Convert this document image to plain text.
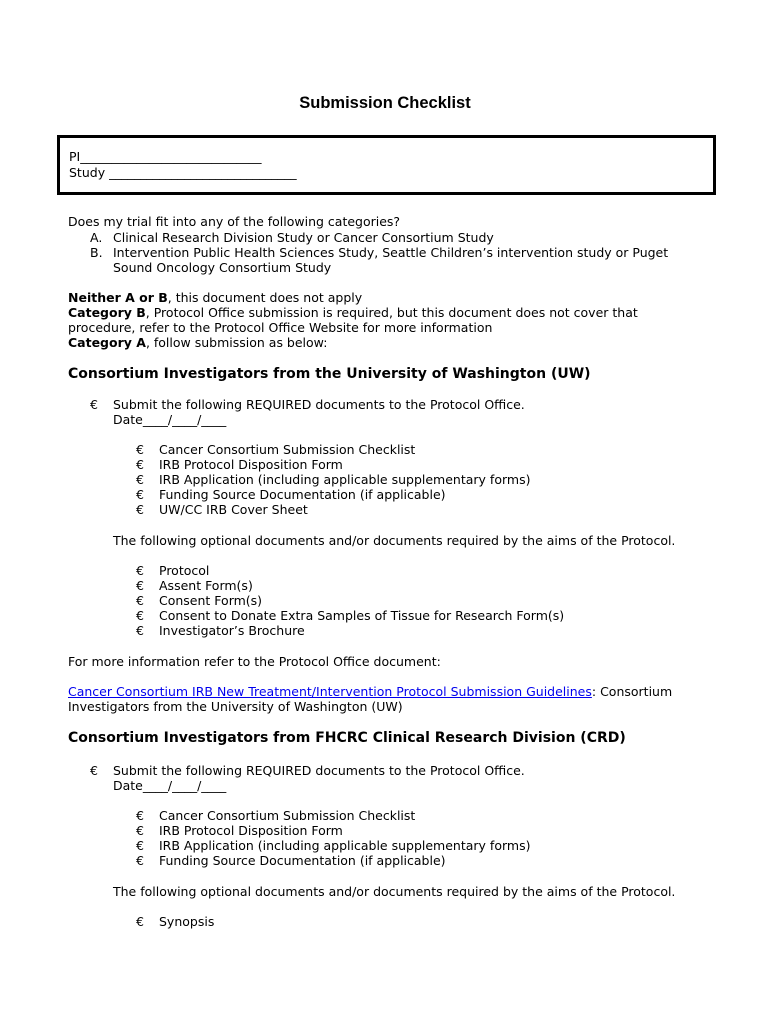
Submission Checklist
PI_____________________________
Study ______________________________
Does my trial fit into any of the following categories?
A. Clinical Research Division Study or Cancer Consortium Study
B. Intervention Public Health Sciences Study, Seattle Children’s intervention study or Puget
Sound Oncology Consortium Study
Neither A or B, this document does not apply
Category B, Protocol Office submission is required, but this document does not cover that
procedure, refer to the Protocol Office Website for more information
Category A, follow submission as below:
Consortium Investigators from the University of Washington (UW)
€ Submit the following REQUIRED documents to the Protocol Office.
Date____/____/____
€ Cancer Consortium Submission Checklist
€ IRB Protocol Disposition Form
€ IRB Application (including applicable supplementary forms)
€ Funding Source Documentation (if applicable)
€ UW/CC IRB Cover Sheet
The following optional documents and/or documents required by the aims of the Protocol.
€ Protocol
€ Assent Form(s)
€ Consent Form(s)
€ Consent to Donate Extra Samples of Tissue for Research Form(s)
€ Investigator’s Brochure
For more information refer to the Protocol Office document:
Cancer Consortium IRB New Treatment/Intervention Protocol Submission Guidelines: Consortium
Investigators from the University of Washington (UW)
Consortium Investigators from FHCRC Clinical Research Division (CRD)
€ Submit the following REQUIRED documents to the Protocol Office.
Date____/____/____
€ Cancer Consortium Submission Checklist
€ IRB Protocol Disposition Form
€ IRB Application (including applicable supplementary forms)
€ Funding Source Documentation (if applicable)
The following optional documents and/or documents required by the aims of the Protocol.
€ Synopsis
